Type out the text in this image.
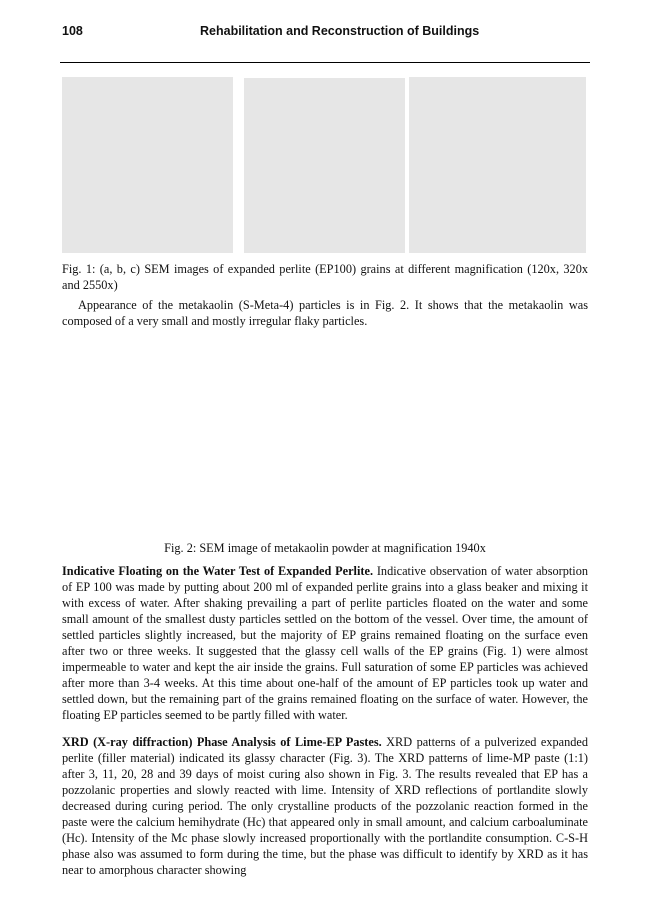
108	Rehabilitation and Reconstruction of Buildings

Fig. 1: (a, b, c) SEM images of expanded perlite (EP100) grains at different magnification (120x, 320x and 2550x)

Appearance of the metakaolin (S-Meta-4) particles is in Fig. 2. It shows that the metakaolin was composed of a very small and mostly irregular flaky particles.

Fig. 2: SEM image of metakaolin powder at magnification 1940x

Indicative Floating on the Water Test of Expanded Perlite. Indicative observation of water absorption of EP 100 was made by putting about 200 ml of expanded perlite grains into a glass beaker and mixing it with excess of water. After shaking prevailing a part of perlite particles floated on the water and some small amount of the smallest dusty particles settled on the bottom of the vessel. Over time, the amount of settled particles slightly increased, but the majority of EP grains remained floating on the surface even after two or three weeks. It suggested that the glassy cell walls of the EP grains (Fig. 1) were almost impermeable to water and kept the air inside the grains. Full saturation of some EP particles was achieved after more than 3-4 weeks. At this time about one-half of the amount of EP particles took up water and settled down, but the remaining part of the grains remained floating on the surface of water. However, the floating EP particles seemed to be partly filled with water.

XRD (X-ray diffraction) Phase Analysis of Lime-EP Pastes. XRD patterns of a pulverized expanded perlite (filler material) indicated its glassy character (Fig. 3). The XRD patterns of lime-MP paste (1:1) after 3, 11, 20, 28 and 39 days of moist curing also shown in Fig. 3. The results revealed that EP has a pozzolanic properties and slowly reacted with lime. Intensity of XRD reflections of portlandite slowly decreased during curing period. The only crystalline products of the pozzolanic reaction formed in the paste were the calcium hemihydrate (Hc) that appeared only in small amount, and calcium carboaluminate (Hc). Intensity of the Mc phase slowly increased proportionally with the portlandite consumption. C-S-H phase also was assumed to form during the time, but the phase was difficult to identify by XRD as it has near to amorphous character showing
